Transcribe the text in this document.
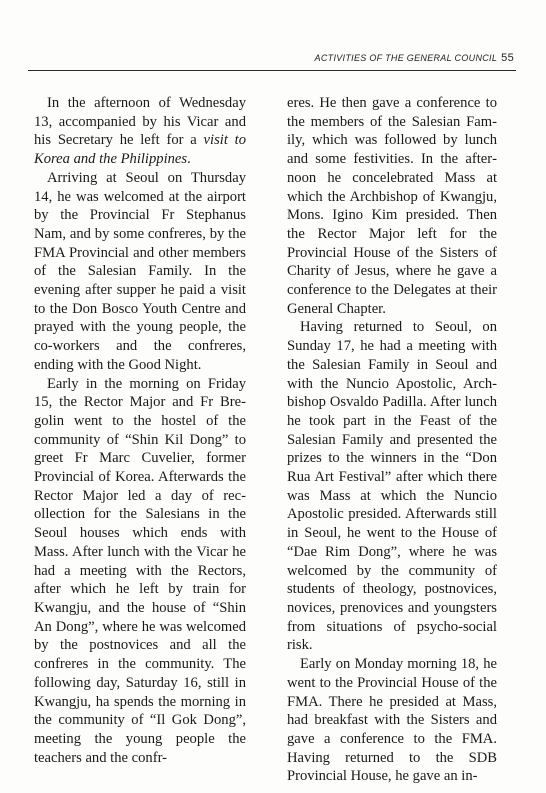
ACTIVITIES OF THE GENERAL COUNCIL 55

In the afternoon of Wednesday 13, accompanied by his Vicar and his Secretary he left for a visit to Korea and the Philippines.

Arriving at Seoul on Thursday 14, he was welcomed at the airport by the Provincial Fr Stephanus Nam, and by some confreres, by the FMA Provincial and other members of the Salesian Family. In the evening after supper he paid a visit to the Don Bosco Youth Centre and prayed with the young people, the co-workers and the confreres, ending with the Good Night.

Early in the morning on Friday 15, the Rector Major and Fr Bregolin went to the hostel of the community of “Shin Kil Dong” to greet Fr Marc Cuvelier, former Provincial of Korea. Afterwards the Rector Major led a day of recollection for the Salesians in the Seoul houses which ends with Mass. After lunch with the Vicar he had a meeting with the Rectors, after which he left by train for Kwangju, and the house of “Shin An Dong”, where he was welcomed by the postnovices and all the confreres in the community. The following day, Saturday 16, still in Kwangju, ha spends the morning in the community of “Il Gok Dong”, meeting the young people the teachers and the confr-

eres. He then gave a conference to the members of the Salesian Family, which was followed by lunch and some festivities. In the afternoon he concelebrated Mass at which the Archbishop of Kwangju, Mons. Igino Kim presided. Then the Rector Major left for the Provincial House of the Sisters of Charity of Jesus, where he gave a conference to the Delegates at their General Chapter.

Having returned to Seoul, on Sunday 17, he had a meeting with the Salesian Family in Seoul and with the Nuncio Apostolic, Archbishop Osvaldo Padilla. After lunch he took part in the Feast of the Salesian Family and presented the prizes to the winners in the “Don Rua Art Festival” after which there was Mass at which the Nuncio Apostolic presided. Afterwards still in Seoul, he went to the House of “Dae Rim Dong”, where he was welcomed by the community of students of theology, postnovices, novices, prenovices and youngsters from situations of psycho-social risk.

Early on Monday morning 18, he went to the Provincial House of the FMA. There he presided at Mass, had breakfast with the Sisters and gave a conference to the FMA. Having returned to the SDB Provincial House, he gave an in-
